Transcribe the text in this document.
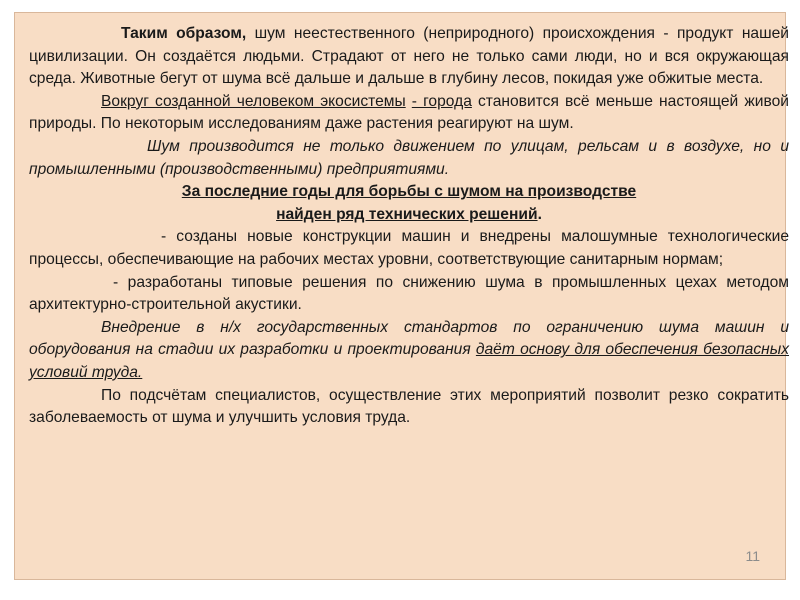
Таким образом, шум неестественного (неприродного) происхождения - продукт нашей цивилизации. Он создаётся людьми. Страдают от него не только сами люди, но и вся окружающая среда. Животные бегут от шума всё дальше и дальше в глубину лесов, покидая уже обжитые места.

Вокруг созданной человеком экосистемы - города становится всё меньше настоящей живой природы. По некоторым исследованиям даже растения реагируют на шум.

Шум производится не только движением по улицам, рельсам и в воздухе, но и промышленными (производственными) предприятиями.

За последние годы для борьбы с шумом на производстве
найден ряд технических решений.

- созданы новые конструкции машин и внедрены малошумные технологические процессы, обеспечивающие на рабочих местах уровни, соответствующие санитарным нормам;

- разработаны типовые решения по снижению шума в промышленных цехах методом архитектурно-строительной акустики.

Внедрение в н/х государственных стандартов по ограничению шума машин и оборудования на стадии их разработки и проектирования даёт основу для обеспечения безопасных условий труда.

По подсчётам специалистов, осуществление этих мероприятий позволит резко сократить заболеваемость от шума и улучшить условия труда.

11
